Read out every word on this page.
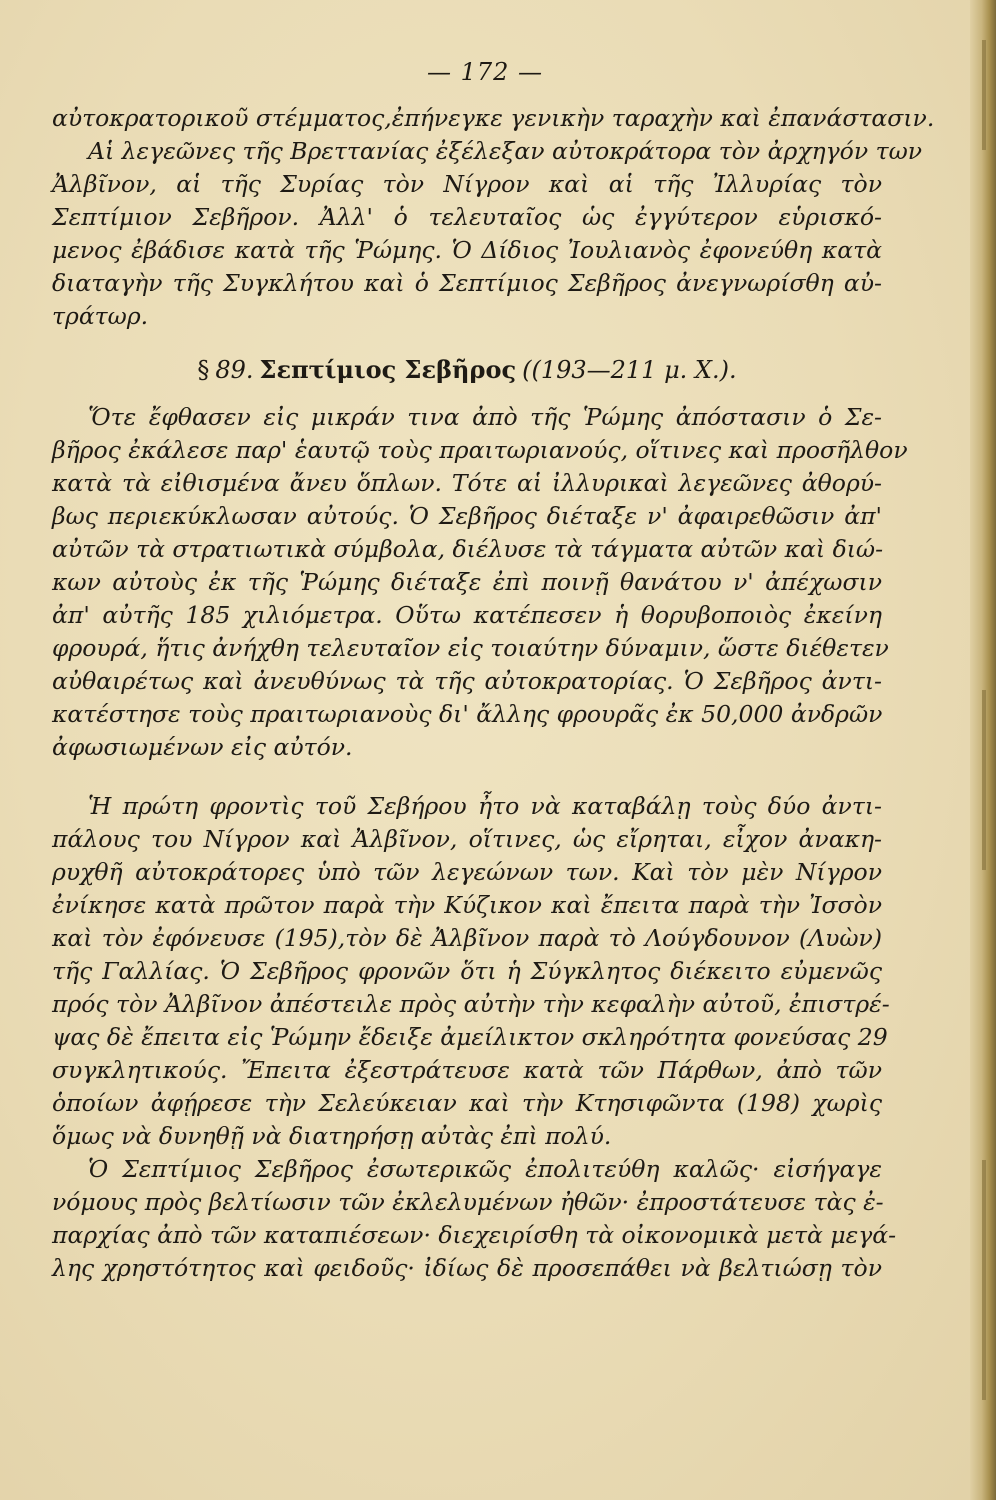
— 172 —
αὐτοκρατορικοῦ στέμματος,ἐπήνεγκε γενικὴν ταραχὴν καὶ ἐπανάστασιν.
Αἱ λεγεῶνες τῆς Βρεττανίας ἐξέλεξαν αὐτοκράτορα τὸν ἀρχηγόν των
Ἀλβῖνον, αἱ τῆς Συρίας τὸν Νίγρον καὶ αἱ τῆς Ἰλλυρίας τὸν
Σεπτίμιον Σεβῆρον. Ἀλλ' ὁ τελευταῖος ὡς ἐγγύτερον εὑρισκό-
μενος ἐβάδισε κατὰ τῆς Ῥώμης. Ὁ Δίδιος Ἰουλιανὸς ἐφονεύθη κατὰ
διαταγὴν τῆς Συγκλήτου καὶ ὁ Σεπτίμιος Σεβῆρος ἀνεγνωρίσθη αὐ-
τράτωρ.
§ 89. Σεπτίμιος Σεβῆρος ((193—211 μ. Χ.).
Ὅτε ἔφθασεν εἰς μικράν τινα ἀπὸ τῆς Ῥώμης ἀπόστασιν ὁ Σε-
βῆρος ἐκάλεσε παρ' ἑαυτῷ τοὺς πραιτωριανούς, οἵτινες καὶ προσῆλθον
κατὰ τὰ εἰθισμένα ἄνευ ὅπλων. Τότε αἱ ἰλλυρικαὶ λεγεῶνες ἀθορύ-
βως περιεκύκλωσαν αὐτούς. Ὁ Σεβῆρος διέταξε ν' ἀφαιρεθῶσιν ἀπ'
αὐτῶν τὰ στρατιωτικὰ σύμβολα, διέλυσε τὰ τάγματα αὐτῶν καὶ διώ-
κων αὐτοὺς ἐκ τῆς Ῥώμης διέταξε ἐπὶ ποινῇ θανάτου ν' ἀπέχωσιν
ἀπ' αὐτῆς 185 χιλιόμετρα. Οὕτω κατέπεσεν ἡ θορυβοποιὸς ἐκείνη
φρουρά, ἥτις ἀνήχθη τελευταῖον εἰς τοιαύτην δύναμιν, ὥστε διέθετεν
αὐθαιρέτως καὶ ἀνευθύνως τὰ τῆς αὐτοκρατορίας. Ὁ Σεβῆρος ἀντι-
κατέστησε τοὺς πραιτωριανοὺς δι' ἄλλης φρουρᾶς ἐκ 50,000 ἀνδρῶν
ἀφωσιωμένων εἰς αὐτόν.
Ἡ πρώτη φροντὶς τοῦ Σεβήρου ἦτο νὰ καταβάλῃ τοὺς δύο ἀντι-
πάλους του Νίγρον καὶ Ἀλβῖνον, οἵτινες, ὡς εἴρηται, εἶχον ἀνακη-
ρυχθῆ αὐτοκράτορες ὑπὸ τῶν λεγεώνων των. Καὶ τὸν μὲν Νίγρον
ἐνίκησε κατὰ πρῶτον παρὰ τὴν Κύζικον καὶ ἔπειτα παρὰ τὴν Ἰσσὸν
καὶ τὸν ἐφόνευσε (195),τὸν δὲ Ἀλβῖνον παρὰ τὸ Λούγδουνον (Λυὼν)
τῆς Γαλλίας. Ὁ Σεβῆρος φρονῶν ὅτι ἡ Σύγκλητος διέκειτο εὐμενῶς
πρός τὸν Ἀλβῖνον ἀπέστειλε πρὸς αὐτὴν τὴν κεφαλὴν αὐτοῦ, ἐπιστρέ-
ψας δὲ ἔπειτα εἰς Ῥώμην ἔδειξε ἀμείλικτον σκληρότητα φονεύσας 29
συγκλητικούς. Ἔπειτα ἐξεστράτευσε κατὰ τῶν Πάρθων, ἀπὸ τῶν
ὁποίων ἀφῄρεσε τὴν Σελεύκειαν καὶ τὴν Κτησιφῶντα (198) χωρὶς
ὅμως νὰ δυνηθῇ νὰ διατηρήσῃ αὐτὰς ἐπὶ πολύ.
Ὁ Σεπτίμιος Σεβῆρος ἐσωτερικῶς ἐπολιτεύθη καλῶς· εἰσήγαγε
νόμους πρὸς βελτίωσιν τῶν ἐκλελυμένων ἠθῶν· ἐπροστάτευσε τὰς ἐ-
παρχίας ἀπὸ τῶν καταπιέσεων· διεχειρίσθη τὰ οἰκονομικὰ μετὰ μεγά-
λης χρηστότητος καὶ φειδοῦς· ἰδίως δὲ προσεπάθει νὰ βελτιώσῃ τὸν
